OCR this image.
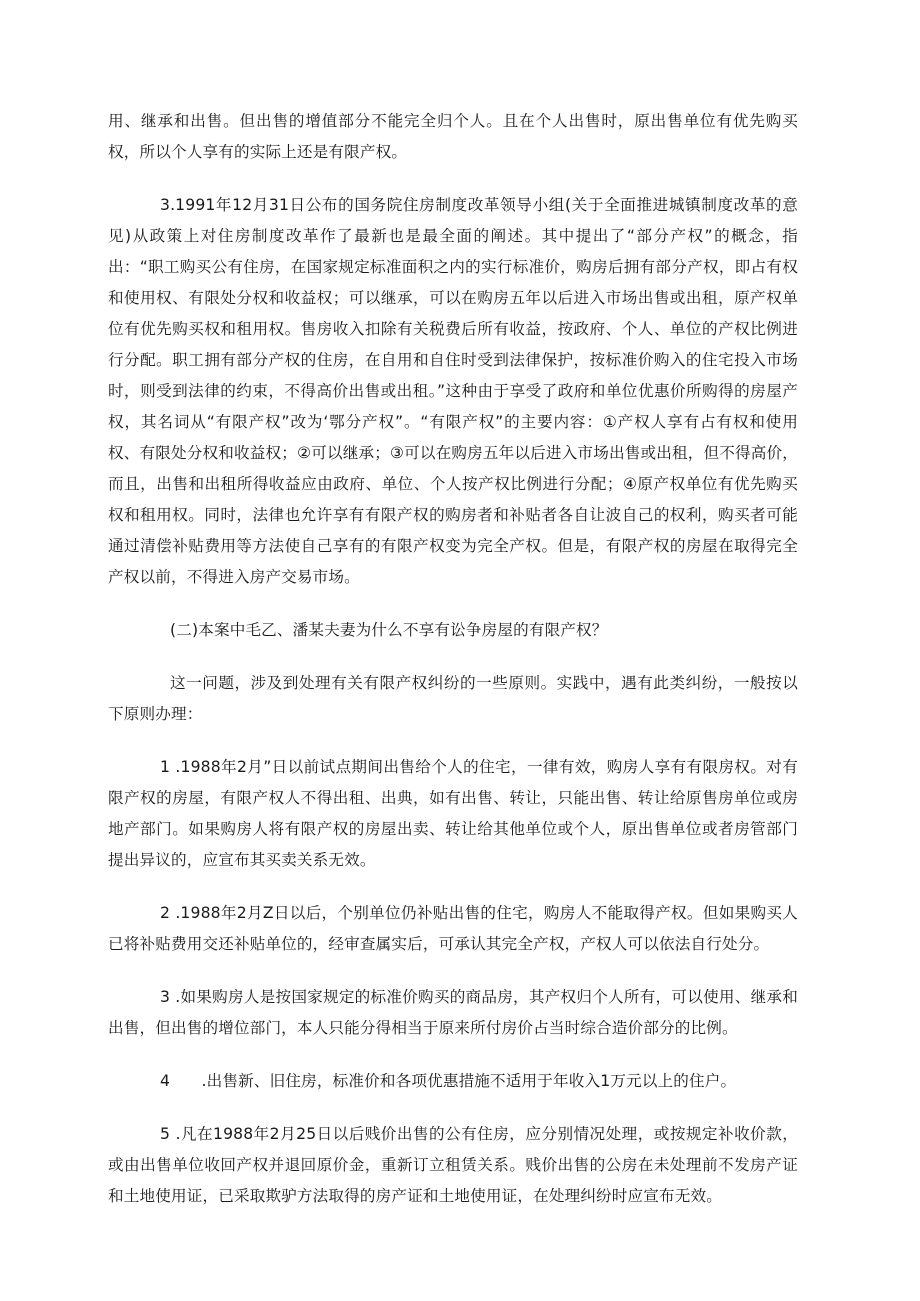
用、继承和出售。但出售的增值部分不能完全归个人。且在个人出售时，原出售单位有优先购买权，所以个人享有的实际上还是有限产权。

3.1991年12月31日公布的国务院住房制度改革领导小组(关于全面推进城镇制度改革的意见)从政策上对住房制度改革作了最新也是最全面的阐述。其中提出了“部分产权”的概念，指出：“职工购买公有住房，在国家规定标准面积之内的实行标准价，购房后拥有部分产权，即占有权和使用权、有限处分权和收益权；可以继承，可以在购房五年以后进入市场出售或出租，原产权单位有优先购买权和租用权。售房收入扣除有关税费后所有收益，按政府、个人、单位的产权比例进行分配。职工拥有部分产权的住房，在自用和自住时受到法律保护，按标准价购入的住宅投入市场时，则受到法律的约束，不得高价出售或出租。”这种由于享受了政府和单位优惠价所购得的房屋产权，其名词从“有限产权”改为‘鄂分产权”。“有限产权”的主要内容：①产权人享有占有权和使用权、有限处分权和收益权；②可以继承；③可以在购房五年以后进入市场出售或出租，但不得高价，而且，出售和出租所得收益应由政府、单位、个人按产权比例进行分配；④原产权单位有优先购买权和租用权。同时，法律也允许享有有限产权的购房者和补贴者各自让波自己的权利，购买者可能通过清偿补贴费用等方法使自己享有的有限产权变为完全产权。但是，有限产权的房屋在取得完全产权以前，不得进入房产交易市场。

(二)本案中毛乙、潘某夫妻为什么不享有讼争房屋的有限产权？

这一问题，涉及到处理有关有限产权纠纷的一些原则。实践中，遇有此类纠纷，一般按以下原则办理：

1 .1988年2月”日以前试点期间出售给个人的住宅，一律有效，购房人享有有限房权。对有限产权的房屋，有限产权人不得出租、出典，如有出售、转让，只能出售、转让给原售房单位或房地产部门。如果购房人将有限产权的房屋出卖、转让给其他单位或个人，原出售单位或者房管部门提出异议的，应宣布其买卖关系无效。

2 .1988年2月Z日以后，个别单位仍补贴出售的住宅，购房人不能取得产权。但如果购买人已将补贴费用交还补贴单位的，经审查属实后，可承认其完全产权，产权人可以依法自行处分。

3 .如果购房人是按国家规定的标准价购买的商品房，其产权归个人所有，可以使用、继承和出售，但出售的增位部门，本人只能分得相当于原来所付房价占当时综合造价部分的比例。

4  .出售新、旧住房，标准价和各项优惠措施不适用于年收入1万元以上的住户。

5 .凡在1988年2月25日以后贱价出售的公有住房，应分别情况处理，或按规定补收价款，或由出售单位收回产权并退回原价金，重新订立租赁关系。贱价出售的公房在未处理前不发房产证和土地使用证，已采取欺驴方法取得的房产证和土地使用证，在处理纠纷时应宣布无效。
